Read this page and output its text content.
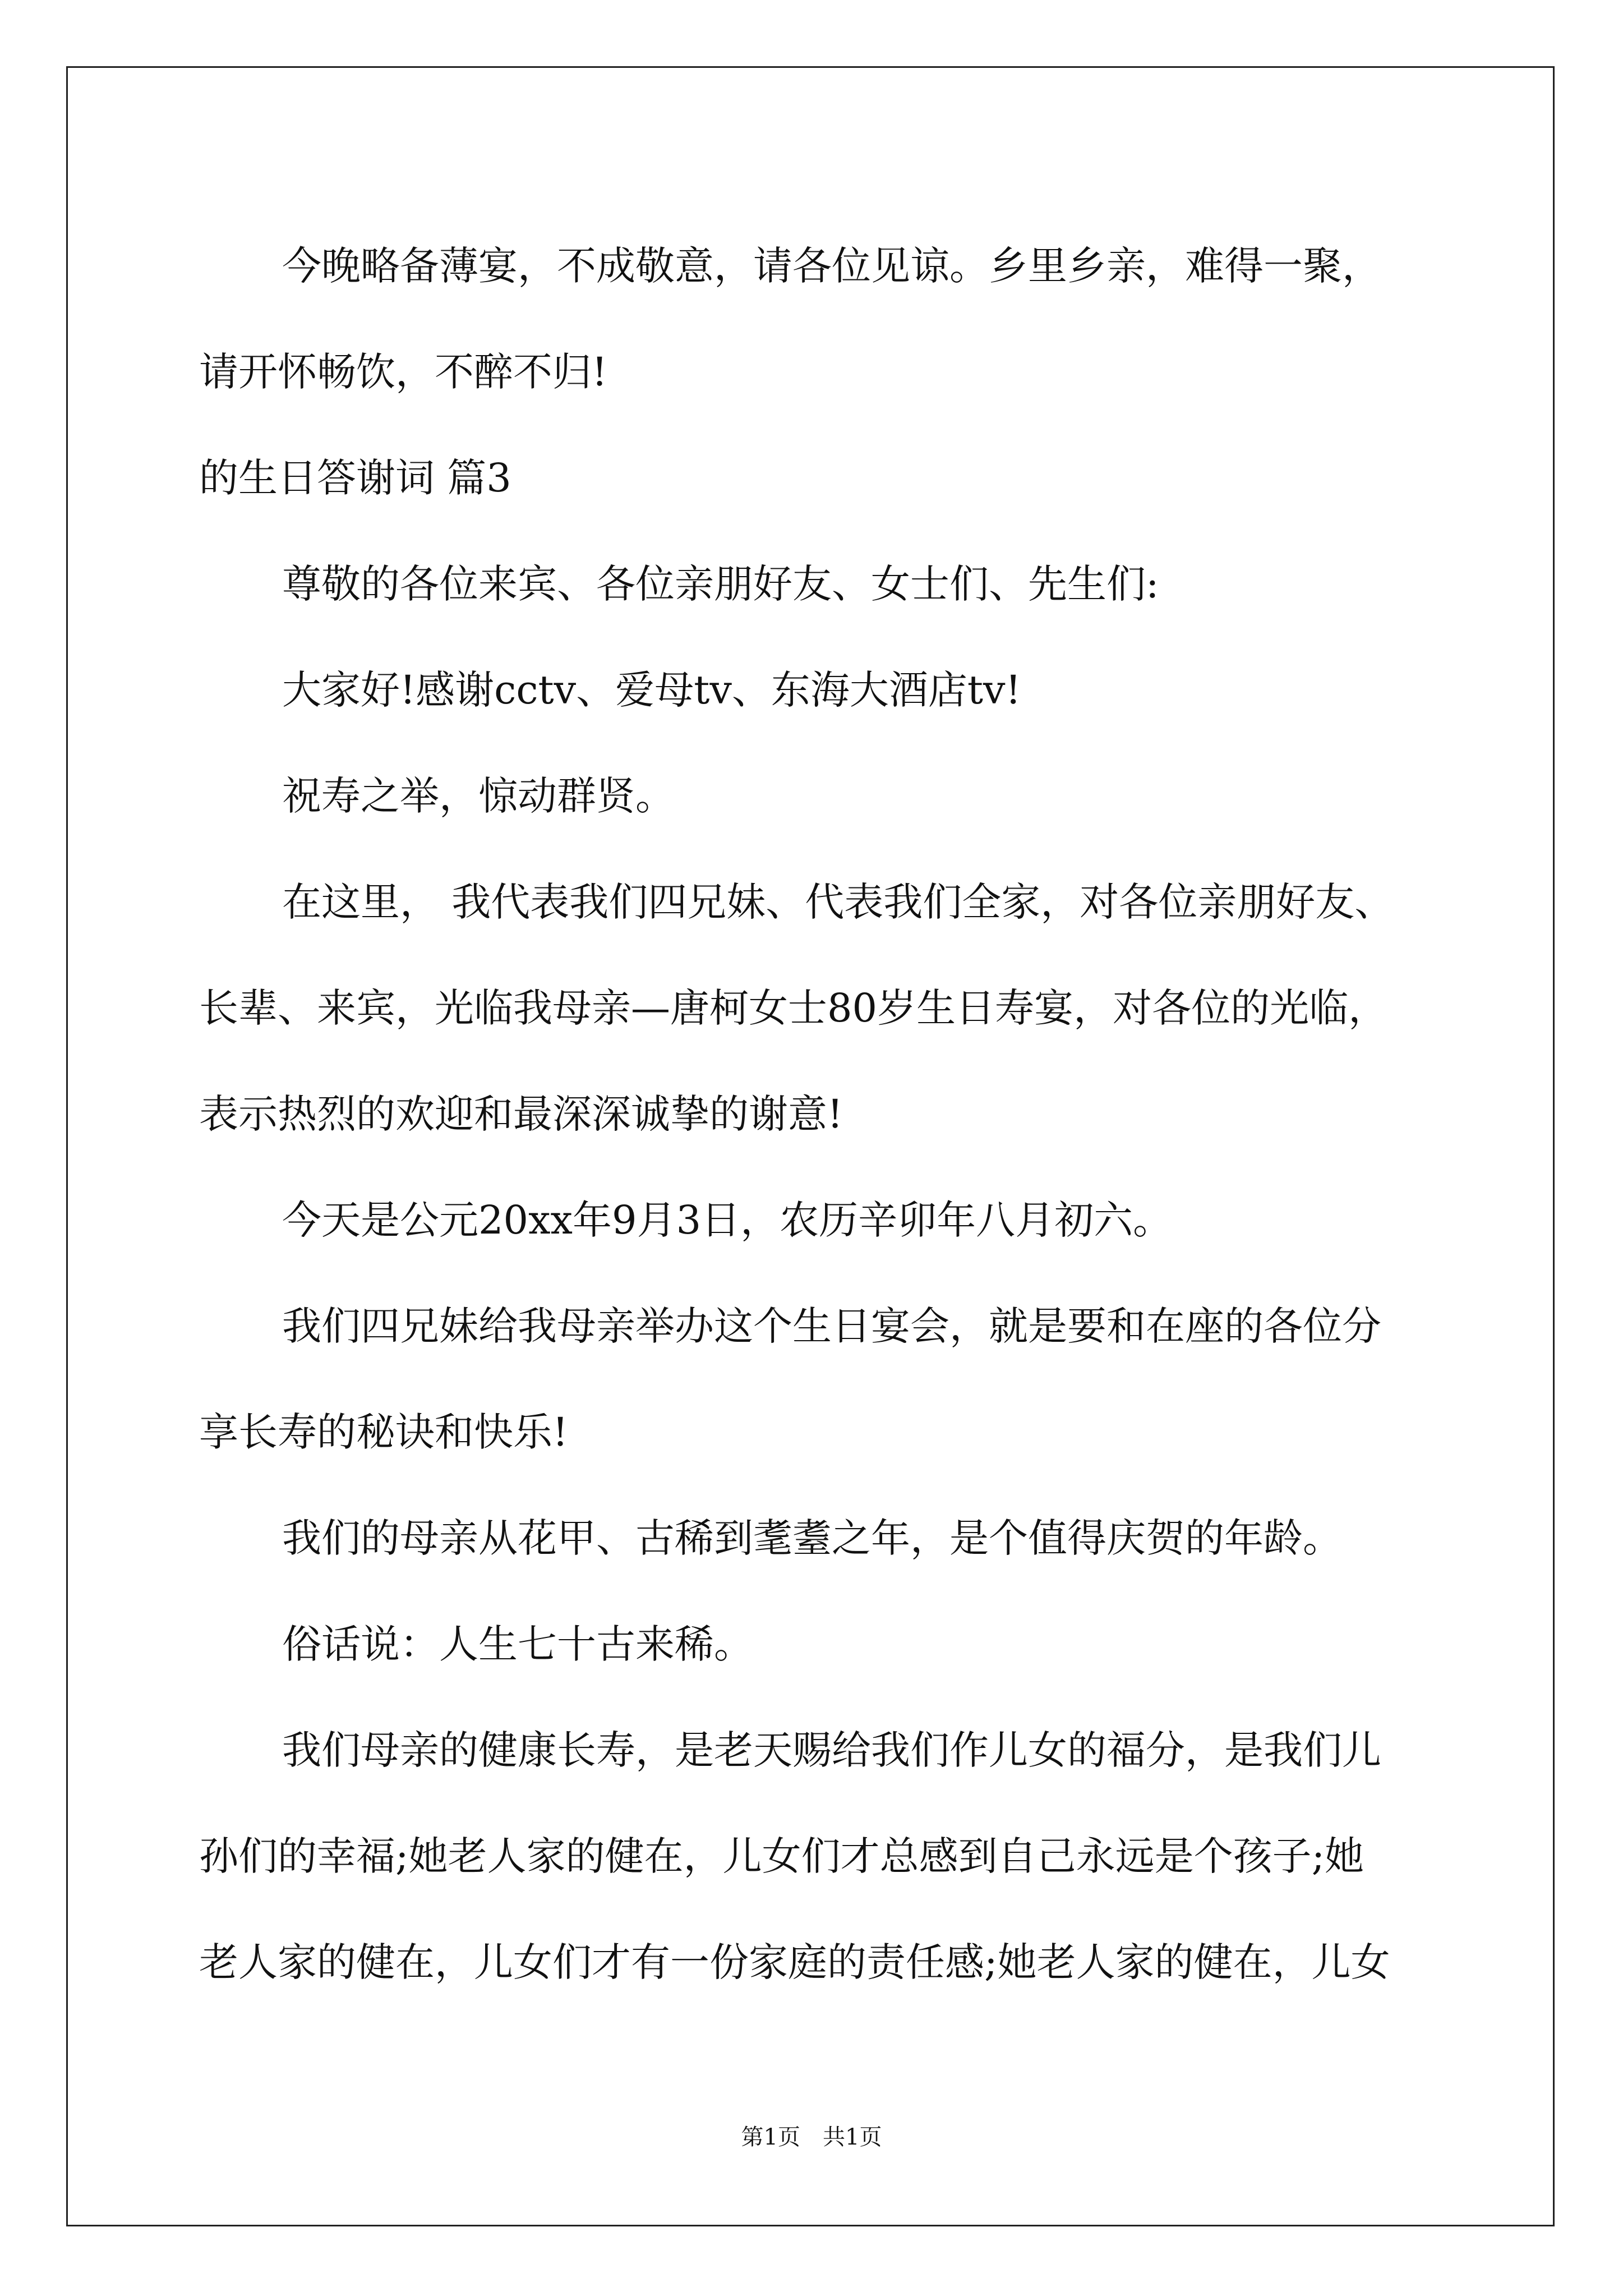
今晚略备薄宴，不成敬意，请各位见谅。乡里乡亲，难得一聚，
请开怀畅饮，不醉不归!
的生日答谢词 篇3
尊敬的各位来宾、各位亲朋好友、女士们、先生们:
大家好!感谢cctv、爱母tv、东海大酒店tv!
祝寿之举，惊动群贤。
在这里， 我代表我们四兄妹、代表我们全家，对各位亲朋好友、
长辈、来宾，光临我母亲—唐柯女士80岁生日寿宴，对各位的光临，
表示热烈的欢迎和最深深诚挚的谢意!
今天是公元20xx年9月3日，农历辛卯年八月初六。
我们四兄妹给我母亲举办这个生日宴会，就是要和在座的各位分
享长寿的秘诀和快乐!
我们的母亲从花甲、古稀到耄耋之年，是个值得庆贺的年龄。
俗话说：人生七十古来稀。
我们母亲的健康长寿，是老天赐给我们作儿女的福分，是我们儿
孙们的幸福;她老人家的健在，儿女们才总感到自己永远是个孩子;她
老人家的健在，儿女们才有一份家庭的责任感;她老人家的健在，儿女
第1页　共1页
